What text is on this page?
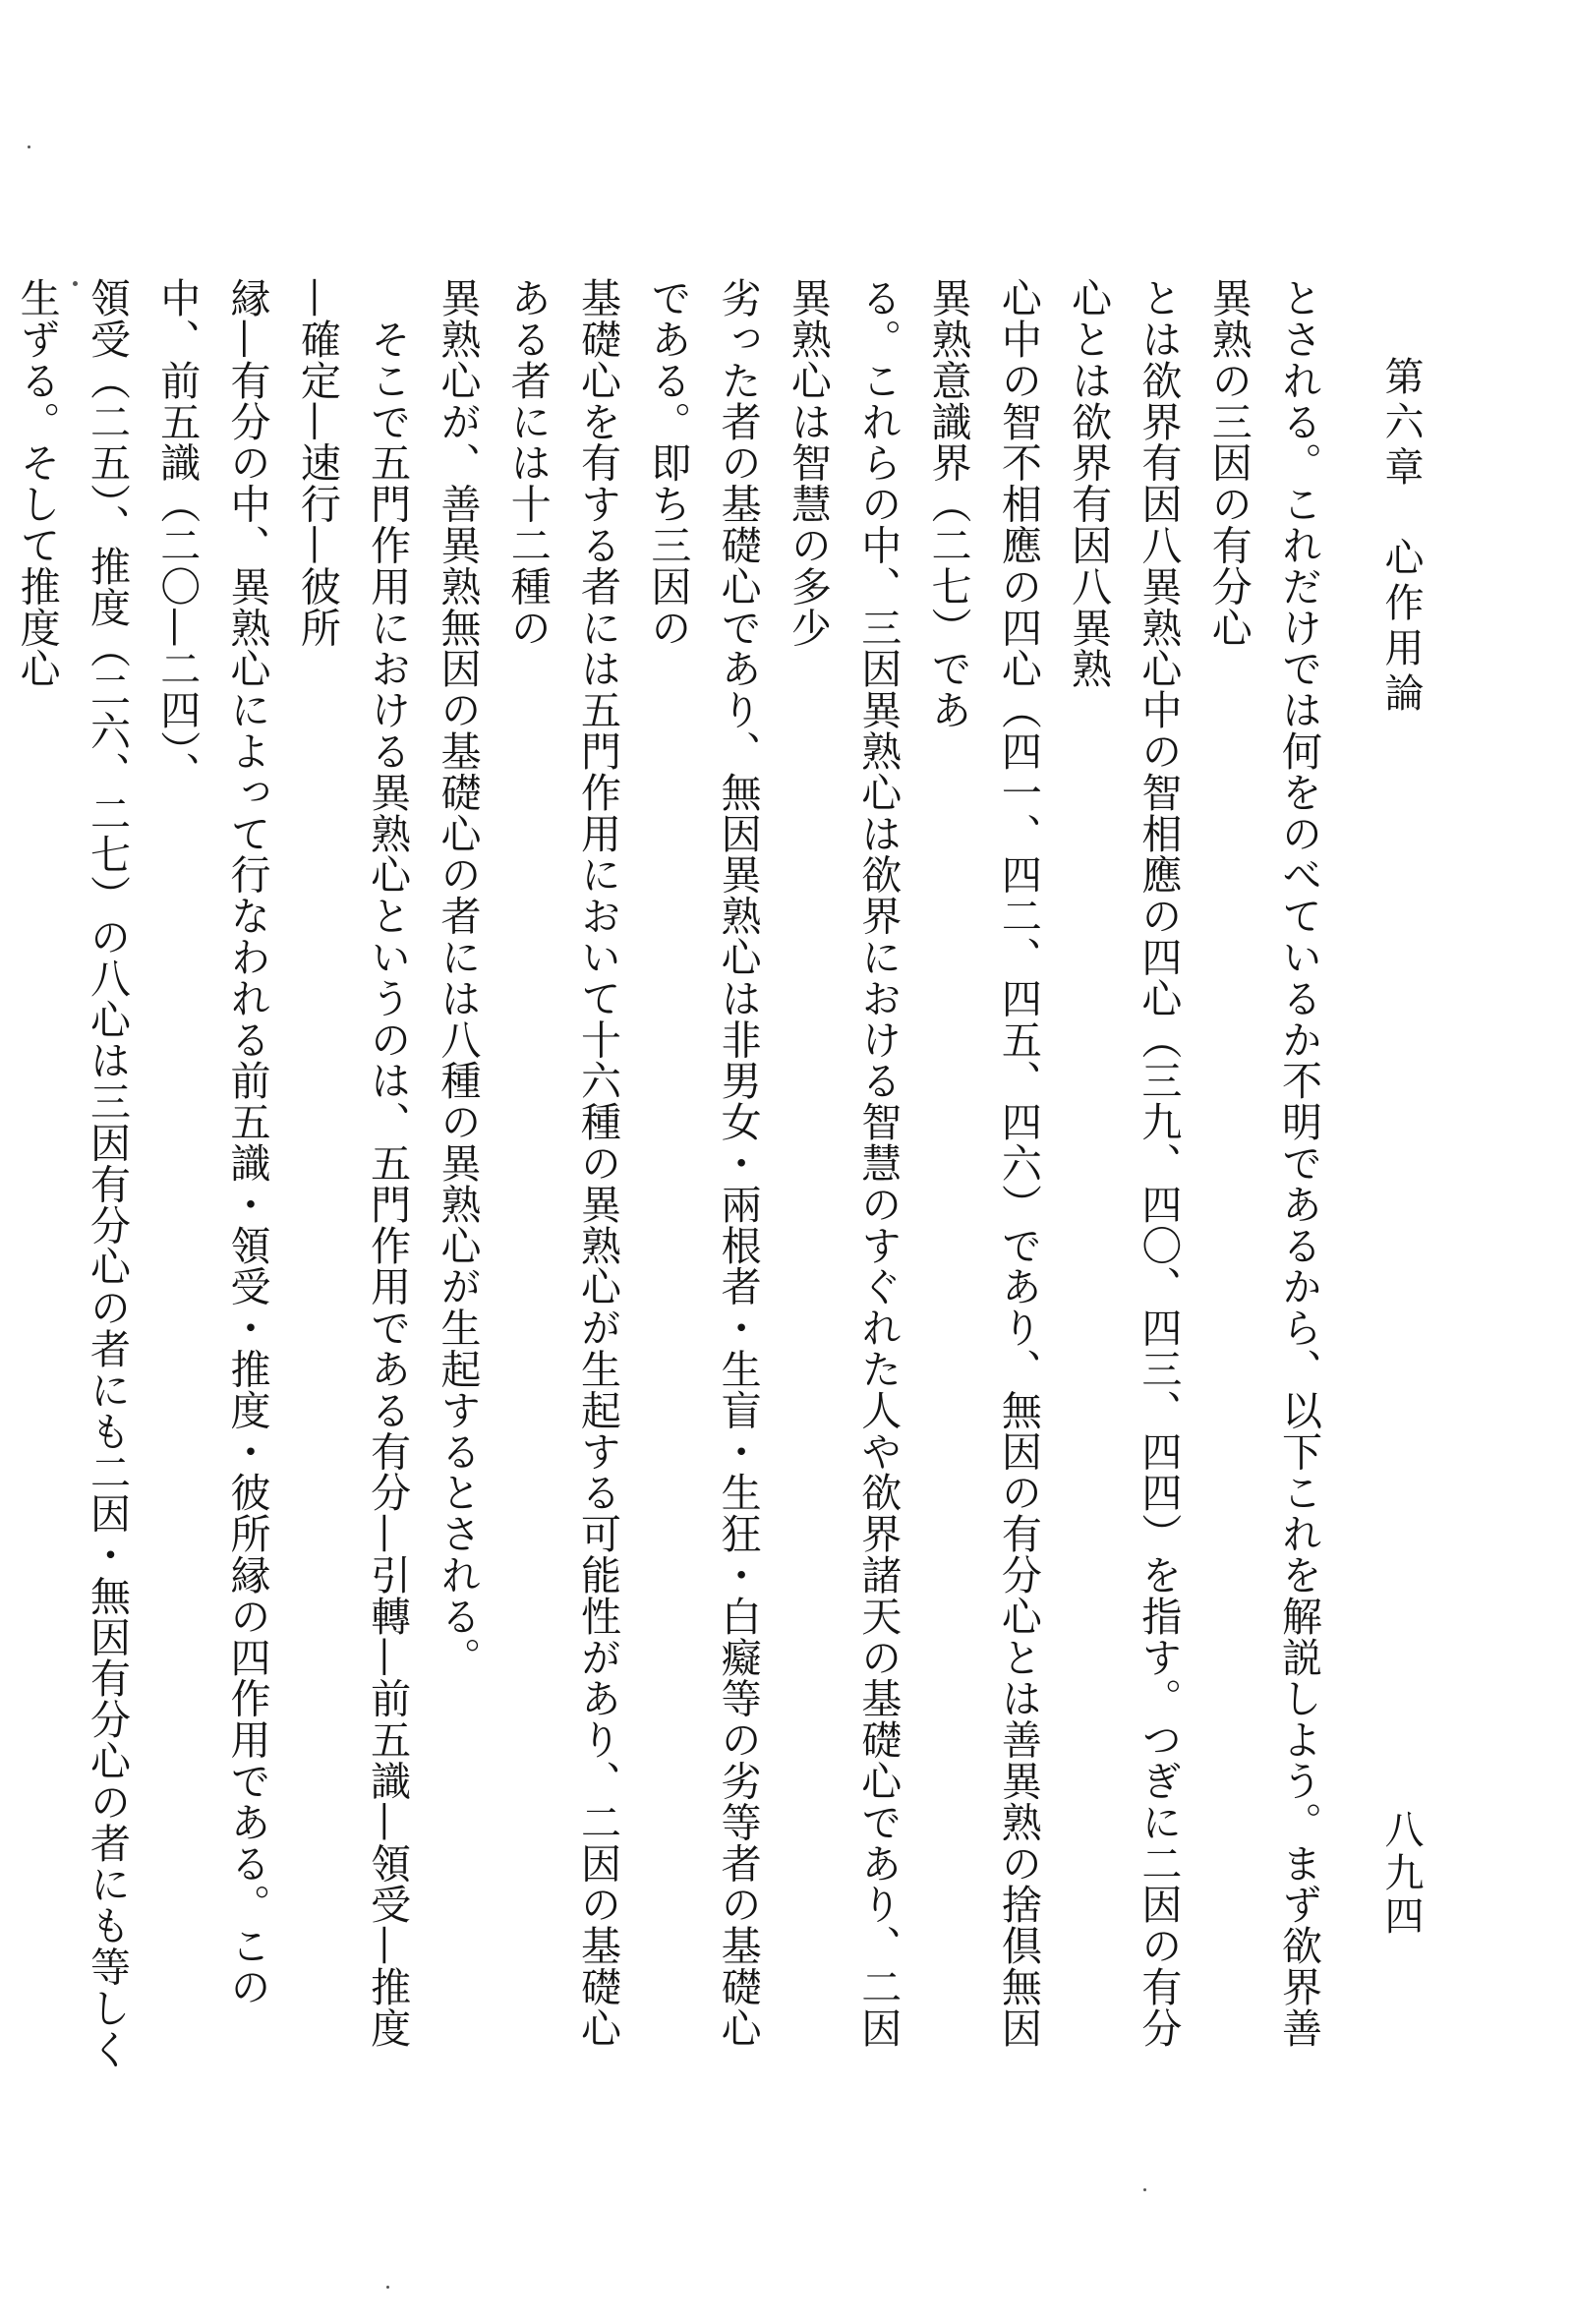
第六章　心作用論
八九四
とされる。これだけでは何をのべているか不明であるから、以下これを解説しよう。まず欲界善異熟の三因の有分心
とは欲界有因八異熟心中の智相應の四心（三九、四〇、四三、四四）を指す。つぎに二因の有分心とは欲界有因八異熟
心中の智不相應の四心（四一、四二、四五、四六）であり、無因の有分心とは善異熟の捨倶無因異熟意識界（二七）であ
る。これらの中、三因異熟心は欲界における智慧のすぐれた人や欲界諸天の基礎心であり、二因異熟心は智慧の多少
劣った者の基礎心であり、無因異熟心は非男女・兩根者・生盲・生狂・白癡等の劣等者の基礎心である。即ち三因の
基礎心を有する者には五門作用において十六種の異熟心が生起する可能性があり、二因の基礎心ある者には十二種の
異熟心が、善異熟無因の基礎心の者には八種の異熟心が生起するとされる。
　そこで五門作用における異熟心というのは、五門作用である有分—引轉—前五識—領受—推度—確定—速行—彼所
縁—有分の中、異熟心によって行なわれる前五識・領受・推度・彼所縁の四作用である。この中、前五識（二〇—二四）、
領受（二五）、推度（二六、二七）の八心は三因有分心の者にも二因・無因有分心の者にも等しく生ずる。そして推度心
